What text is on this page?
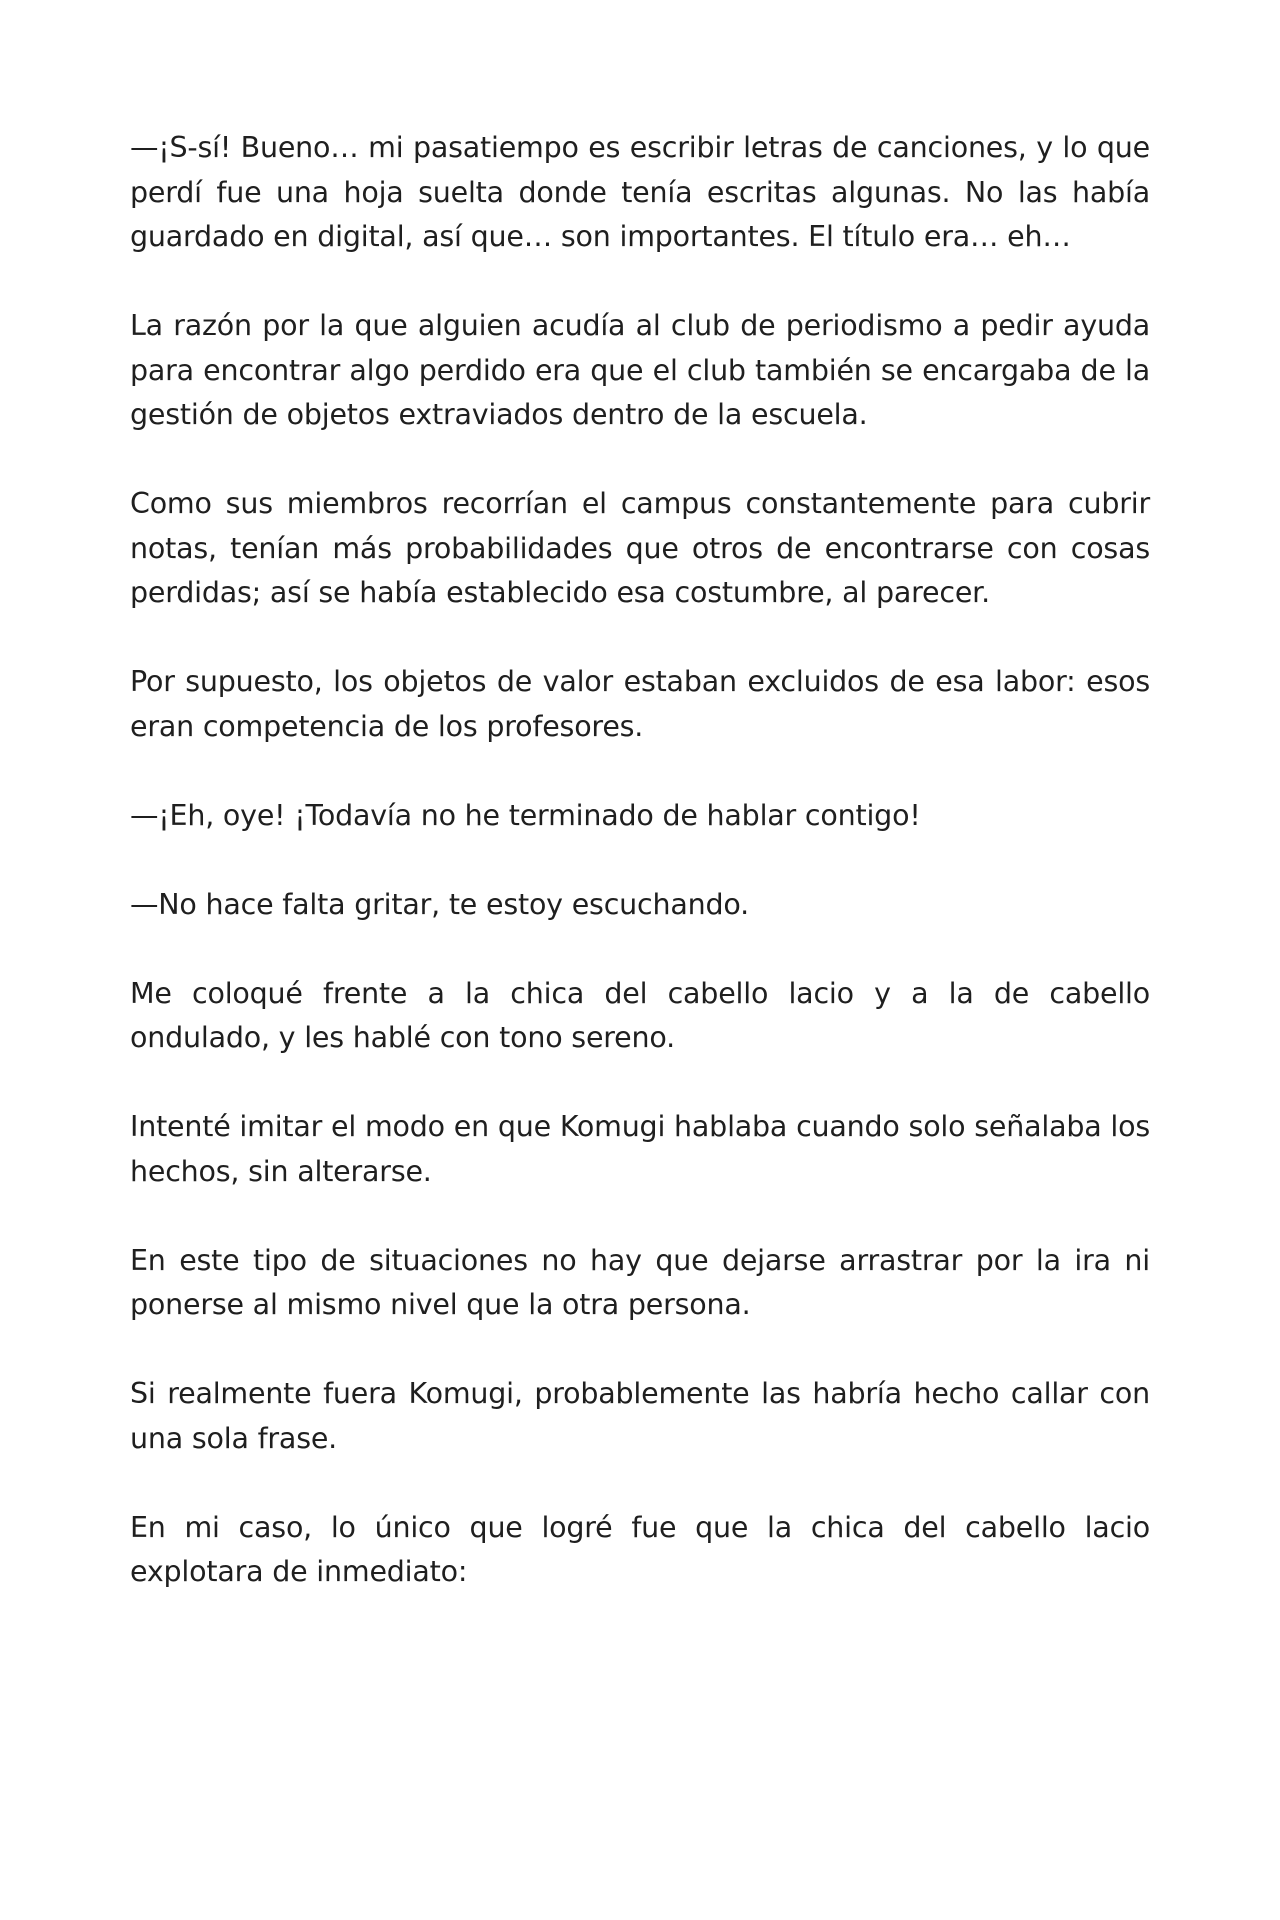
—¡S-sí! Bueno… mi pasatiempo es escribir letras de canciones, y lo que perdí fue una hoja suelta donde tenía escritas algunas. No las había guardado en digital, así que… son importantes. El título era… eh…

La razón por la que alguien acudía al club de periodismo a pedir ayuda para encontrar algo perdido era que el club también se encargaba de la gestión de objetos extraviados dentro de la escuela.

Como sus miembros recorrían el campus constantemente para cubrir notas, tenían más probabilidades que otros de encontrarse con cosas perdidas; así se había establecido esa costumbre, al parecer.

Por supuesto, los objetos de valor estaban excluidos de esa labor: esos eran competencia de los profesores.

—¡Eh, oye! ¡Todavía no he terminado de hablar contigo!

—No hace falta gritar, te estoy escuchando.

Me coloqué frente a la chica del cabello lacio y a la de cabello ondulado, y les hablé con tono sereno.

Intenté imitar el modo en que Komugi hablaba cuando solo señalaba los hechos, sin alterarse.

En este tipo de situaciones no hay que dejarse arrastrar por la ira ni ponerse al mismo nivel que la otra persona.

Si realmente fuera Komugi, probablemente las habría hecho callar con una sola frase.

En mi caso, lo único que logré fue que la chica del cabello lacio explotara de inmediato:
